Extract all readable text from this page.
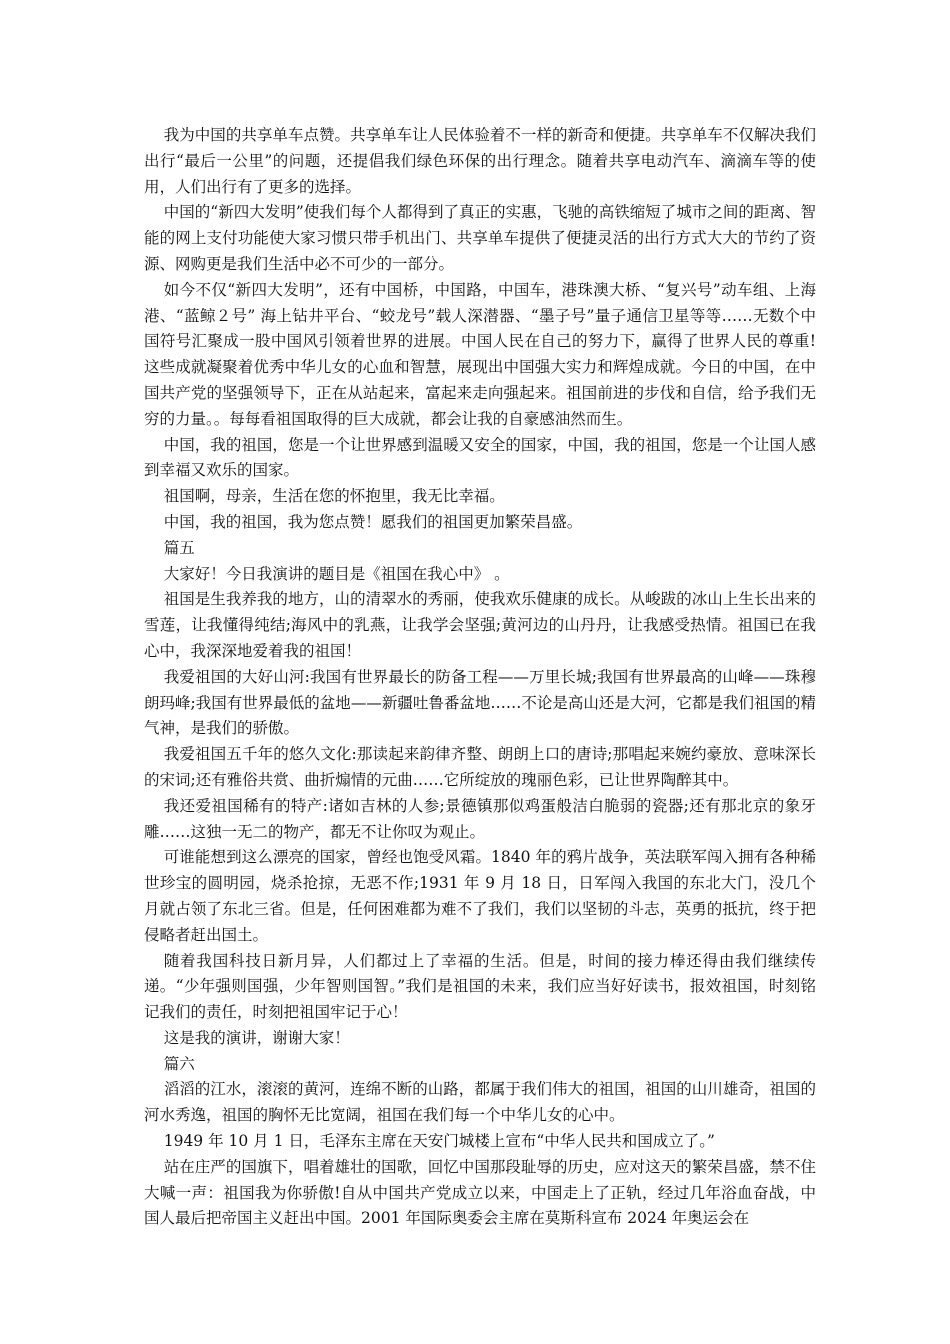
我为中国的共享单车点赞。共享单车让人民体验着不一样的新奇和便捷。共享单车不仅解决我们出行“最后一公里”的问题，还提倡我们绿色环保的出行理念。随着共享电动汽车、滴滴车等的使用，人们出行有了更多的选择。

中国的“新四大发明”使我们每个人都得到了真正的实惠，飞驰的高铁缩短了城市之间的距离、智能的网上支付功能使大家习惯只带手机出门、共享单车提供了便捷灵活的出行方式大大的节约了资源、网购更是我们生活中必不可少的一部分。

如今不仅“新四大发明”，还有中国桥，中国路，中国车，港珠澳大桥、“复兴号”动车组、上海港、“蓝鲸２号” 海上钻井平台、“蛟龙号”载人深潜器、“墨子号”量子通信卫星等等……无数个中国符号汇聚成一股中国风引领着世界的进展。中国人民在自己的努力下，赢得了世界人民的尊重!这些成就凝聚着优秀中华儿女的心血和智慧，展现出中国强大实力和辉煌成就。今日的中国，在中国共产党的坚强领导下，正在从站起来，富起来走向强起来。祖国前进的步伐和自信，给予我们无穷的力量。。每每看祖国取得的巨大成就，都会让我的自豪感油然而生。

中国，我的祖国，您是一个让世界感到温暖又安全的国家，中国，我的祖国，您是一个让国人感到幸福又欢乐的国家。

祖国啊，母亲，生活在您的怀抱里，我无比幸福。

中国，我的祖国，我为您点赞！愿我们的祖国更加繁荣昌盛。

篇五

大家好！今日我演讲的题目是《祖国在我心中》 。

祖国是生我养我的地方，山的清翠水的秀丽，使我欢乐健康的成长。从峻跋的冰山上生长出来的雪莲，让我懂得纯结;海风中的乳燕，让我学会坚强;黄河边的山丹丹，让我感受热情。祖国已在我心中，我深深地爱着我的祖国！

我爱祖国的大好山河:我国有世界最长的防备工程——万里长城;我国有世界最高的山峰——珠穆朗玛峰;我国有世界最低的盆地——新疆吐鲁番盆地……不论是高山还是大河，它都是我们祖国的精气神，是我们的骄傲。

我爱祖国五千年的悠久文化:那读起来韵律齐整、朗朗上口的唐诗;那唱起来婉约豪放、意味深长的宋词;还有雅俗共赏、曲折煽情的元曲……它所绽放的瑰丽色彩，已让世界陶醉其中。

我还爱祖国稀有的特产:诸如吉林的人参;景德镇那似鸡蛋般洁白脆弱的瓷器;还有那北京的象牙雕……这独一无二的物产，都无不让你叹为观止。

可谁能想到这么漂亮的国家，曾经也饱受风霜。1840 年的鸦片战争，英法联军闯入拥有各种稀世珍宝的圆明园，烧杀抢掠，无恶不作;1931 年 9 月 18 日，日军闯入我国的东北大门，没几个月就占领了东北三省。但是，任何困难都为难不了我们，我们以坚韧的斗志，英勇的抵抗，终于把侵略者赶出国土。

随着我国科技日新月异，人们都过上了幸福的生活。但是，时间的接力棒还得由我们继续传递。“少年强则国强，少年智则国智。”我们是祖国的未来，我们应当好好读书，报效祖国，时刻铭记我们的责任，时刻把祖国牢记于心！

这是我的演讲，谢谢大家！

篇六

滔滔的江水，滚滚的黄河，连绵不断的山路，都属于我们伟大的祖国，祖国的山川雄奇，祖国的河水秀逸，祖国的胸怀无比宽阔，祖国在我们每一个中华儿女的心中。

1949 年 10 月 1 日，毛泽东主席在天安门城楼上宣布“中华人民共和国成立了。”

站在庄严的国旗下，唱着雄壮的国歌，回忆中国那段耻辱的历史，应对这天的繁荣昌盛，禁不住大喊一声：祖国我为你骄傲!自从中国共产党成立以来，中国走上了正轨，经过几年浴血奋战，中国人最后把帝国主义赶出中国。2001 年国际奥委会主席在莫斯科宣布 2024 年奥运会在
